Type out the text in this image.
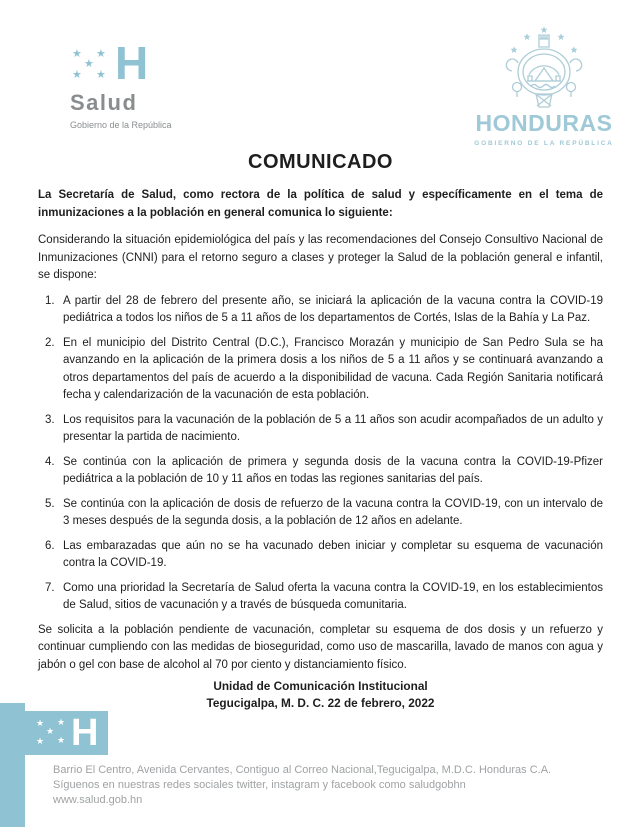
★ ★
★
★ ★ H
Salud
Gobierno de la República	HONDURAS
GOBIERNO DE LA REPÚBLICA
COMUNICADO

La Secretaría de Salud, como rectora de la política de salud y específicamente en el tema de inmunizaciones a la población en general comunica lo siguiente:

Considerando la situación epidemiológica del país y las recomendaciones del Consejo Consultivo Nacional de Inmunizaciones (CNNI) para el retorno seguro a clases y proteger la Salud de la población general e infantil, se dispone:

1. A partir del 28 de febrero del presente año, se iniciará la aplicación de la vacuna contra la COVID-19 pediátrica a todos los niños de 5 a 11 años de los departamentos de Cortés, Islas de la Bahía y La Paz.
2. En el municipio del Distrito Central (D.C.), Francisco Morazán y municipio de San Pedro Sula se ha avanzando en la aplicación de la primera dosis a los niños de 5 a 11 años y se continuará avanzando a otros departamentos del país de acuerdo a la disponibilidad de vacuna. Cada Región Sanitaria notificará fecha y calendarización de la vacunación de esta población.
3. Los requisitos para la vacunación de la población de 5 a 11 años son acudir acompañados de un adulto y presentar la partida de nacimiento.
4. Se continúa con la aplicación de primera y segunda dosis de la vacuna contra la COVID-19-Pfizer pediátrica a la población de 10 y 11 años en todas las regiones sanitarias del país.
5. Se continúa con la aplicación de dosis de refuerzo de la vacuna contra la COVID-19, con un intervalo de 3 meses después de la segunda dosis, a la población de 12 años en adelante.
6. Las embarazadas que aún no se ha vacunado deben iniciar y completar su esquema de vacunación contra la COVID-19.
7. Como una prioridad la Secretaría de Salud oferta la vacuna contra la COVID-19, en los establecimientos de Salud, sitios de vacunación y a través de búsqueda comunitaria.

Se solicita a la población pendiente de vacunación, completar su esquema de dos dosis y un refuerzo y continuar cumpliendo con las medidas de bioseguridad, como uso de mascarilla, lavado de manos con agua y jabón o gel con base de alcohol al 70 por ciento y distanciamiento físico.

Unidad de Comunicación Institucional
Tegucigalpa, M. D. C. 22 de febrero, 2022
★ ★
★
★ ★ H
Barrio El Centro, Avenida Cervantes, Contiguo al Correo Nacional,Tegucigalpa, M.D.C. Honduras C.A.
Síguenos en nuestras redes sociales twitter, instagram y facebook como saludgobhn
www.salud.gob.hn
